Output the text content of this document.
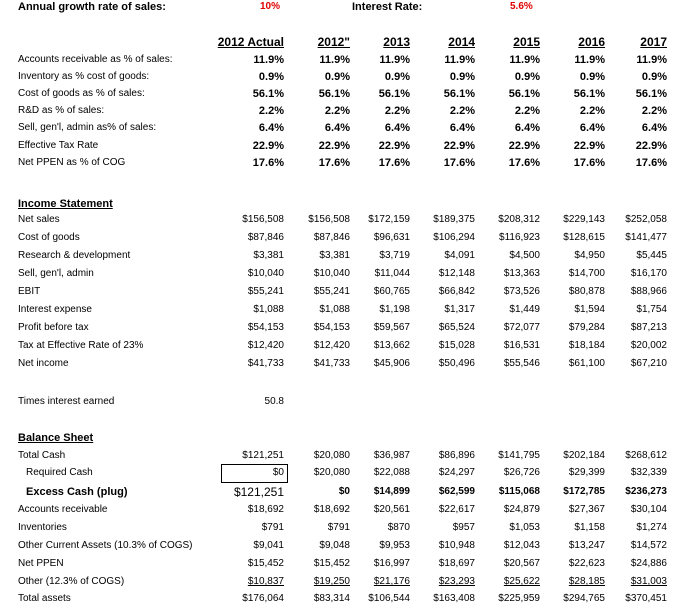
Annual growth rate of sales:	10%	Interest Rate:	5.6%
2012 Actual	2012"	2013	2014	2015	2016	2017
Accounts receivable as % of sales:	11.9%	11.9%	11.9%	11.9%	11.9%	11.9%	11.9%
Inventory as % cost of goods:	0.9%	0.9%	0.9%	0.9%	0.9%	0.9%	0.9%
Cost of goods as % of sales:	56.1%	56.1%	56.1%	56.1%	56.1%	56.1%	56.1%
R&D as % of sales:	2.2%	2.2%	2.2%	2.2%	2.2%	2.2%	2.2%
Sell, gen'l, admin as% of sales:	6.4%	6.4%	6.4%	6.4%	6.4%	6.4%	6.4%
Effective Tax Rate	22.9%	22.9%	22.9%	22.9%	22.9%	22.9%	22.9%
Net PPEN as % of COG	17.6%	17.6%	17.6%	17.6%	17.6%	17.6%	17.6%
Income Statement
Net sales	$156,508	$156,508	$172,159	$189,375	$208,312	$229,143	$252,058
Cost of goods	$87,846	$87,846	$96,631	$106,294	$116,923	$128,615	$141,477
Research & development	$3,381	$3,381	$3,719	$4,091	$4,500	$4,950	$5,445
Sell, gen'l, admin	$10,040	$10,040	$11,044	$12,148	$13,363	$14,700	$16,170
EBIT	$55,241	$55,241	$60,765	$66,842	$73,526	$80,878	$88,966
Interest expense	$1,088	$1,088	$1,198	$1,317	$1,449	$1,594	$1,754
Profit before tax	$54,153	$54,153	$59,567	$65,524	$72,077	$79,284	$87,213
Tax at Effective Rate of 23%	$12,420	$12,420	$13,662	$15,028	$16,531	$18,184	$20,002
Net income	$41,733	$41,733	$45,906	$50,496	$55,546	$61,100	$67,210
Times interest earned	50.8
Balance Sheet
Total Cash	$121,251	$20,080	$36,987	$86,896	$141,795	$202,184	$268,612
Required Cash	$0	$20,080	$22,088	$24,297	$26,726	$29,399	$32,339
Excess Cash (plug)	$121,251	$0	$14,899	$62,599	$115,068	$172,785	$236,273
Accounts receivable	$18,692	$18,692	$20,561	$22,617	$24,879	$27,367	$30,104
Inventories	$791	$791	$870	$957	$1,053	$1,158	$1,274
Other Current Assets (10.3% of COGS)	$9,041	$9,048	$9,953	$10,948	$12,043	$13,247	$14,572
Net PPEN	$15,452	$15,452	$16,997	$18,697	$20,567	$22,623	$24,886
Other (12.3% of COGS)	$10,837	$19,250	$21,176	$23,293	$25,622	$28,185	$31,003
Total assets	$176,064	$83,314	$106,544	$163,408	$225,959	$294,765	$370,451
